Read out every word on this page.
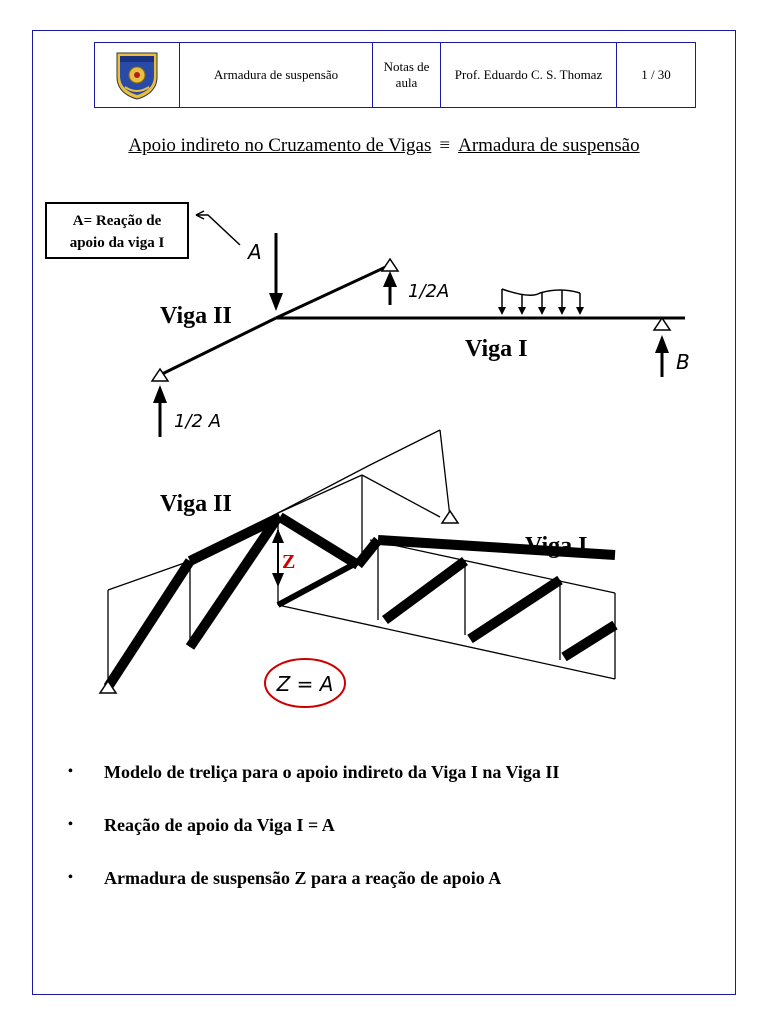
Armadura de suspensão
Notas de aula
Prof. Eduardo C. S. Thomaz	1 / 30
Apoio indireto no Cruzamento de Vigas ≡ Armadura de suspensão
A= Reação de
apoio da viga I	A
1/2A
1/2 A
B
Viga II
Viga I
Z
Viga II
Viga I
Z = A
• Modelo de treliça para o apoio indireto da Viga I na Viga II
• Reação de apoio da Viga I = A
• Armadura de suspensão Z para a reação de apoio A
